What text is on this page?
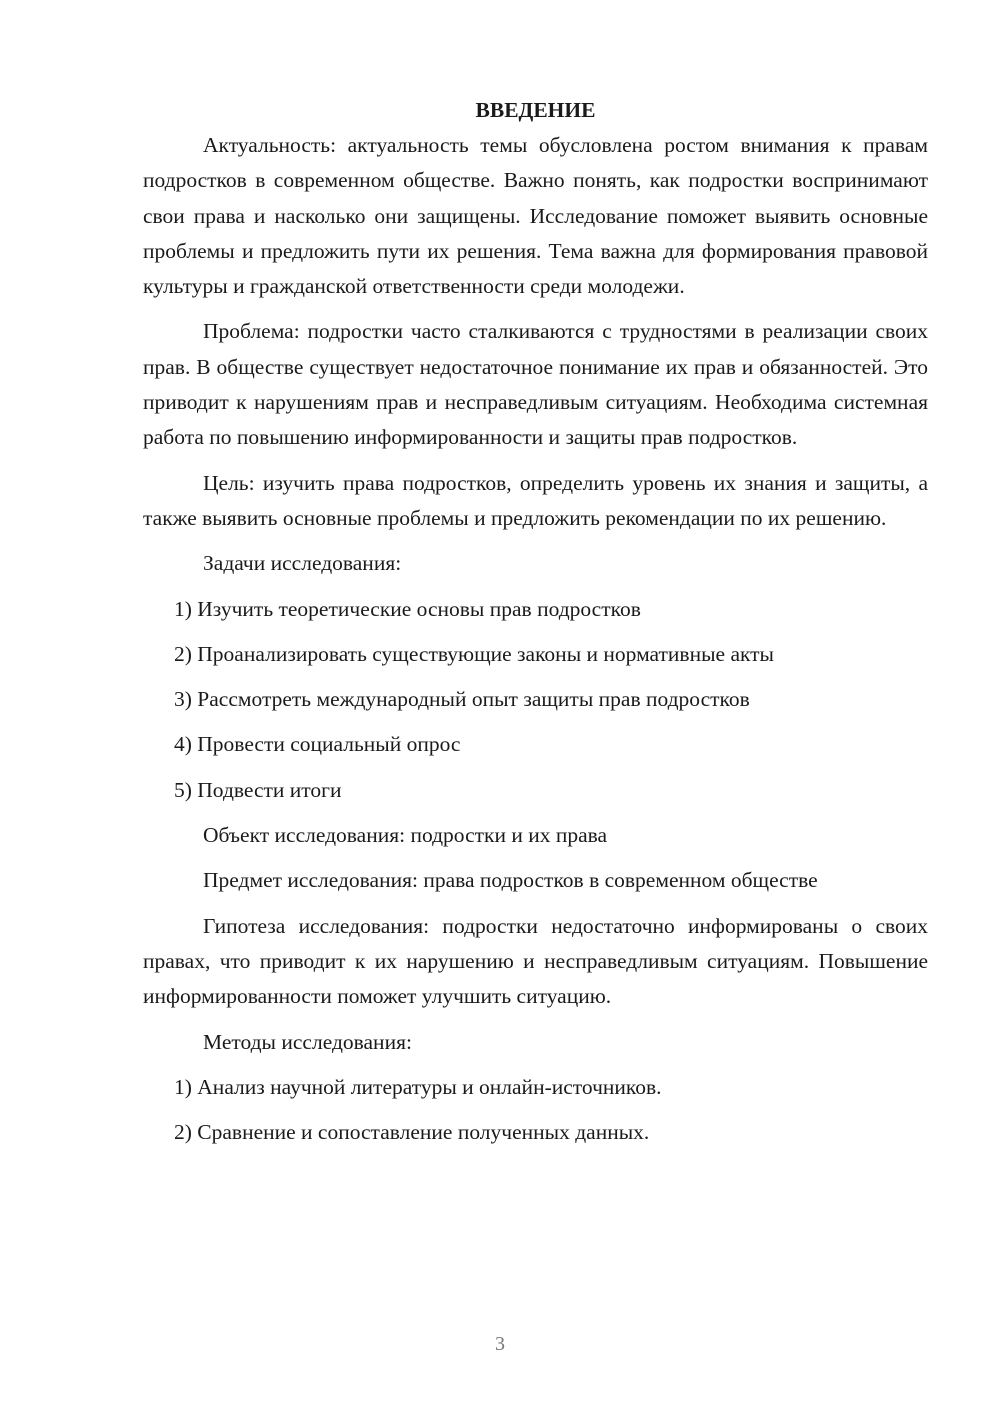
ВВЕДЕНИЕ

Актуальность: актуальность темы обусловлена ростом внимания к правам подростков в современном обществе. Важно понять, как подростки воспринимают свои права и насколько они защищены. Исследование поможет выявить основные проблемы и предложить пути их решения. Тема важна для формирования правовой культуры и гражданской ответственности среди молодежи.

Проблема: подростки часто сталкиваются с трудностями в реализации своих прав. В обществе существует недостаточное понимание их прав и обязанностей. Это приводит к нарушениям прав и несправедливым ситуациям. Необходима системная работа по повышению информированности и защиты прав подростков.

Цель: изучить права подростков, определить уровень их знания и защиты, а также выявить основные проблемы и предложить рекомендации по их решению.

Задачи исследования:
1) Изучить теоретические основы прав подростков
2) Проанализировать существующие законы и нормативные акты
3) Рассмотреть международный опыт защиты прав подростков
4) Провести социальный опрос
5) Подвести итоги
Объект исследования: подростки и их права
Предмет исследования: права подростков в современном обществе

Гипотеза исследования: подростки недостаточно информированы о своих правах, что приводит к их нарушению и несправедливым ситуациям. Повышение информированности поможет улучшить ситуацию.

Методы исследования:
1) Анализ научной литературы и онлайн-источников.
2) Сравнение и сопоставление полученных данных.
3
